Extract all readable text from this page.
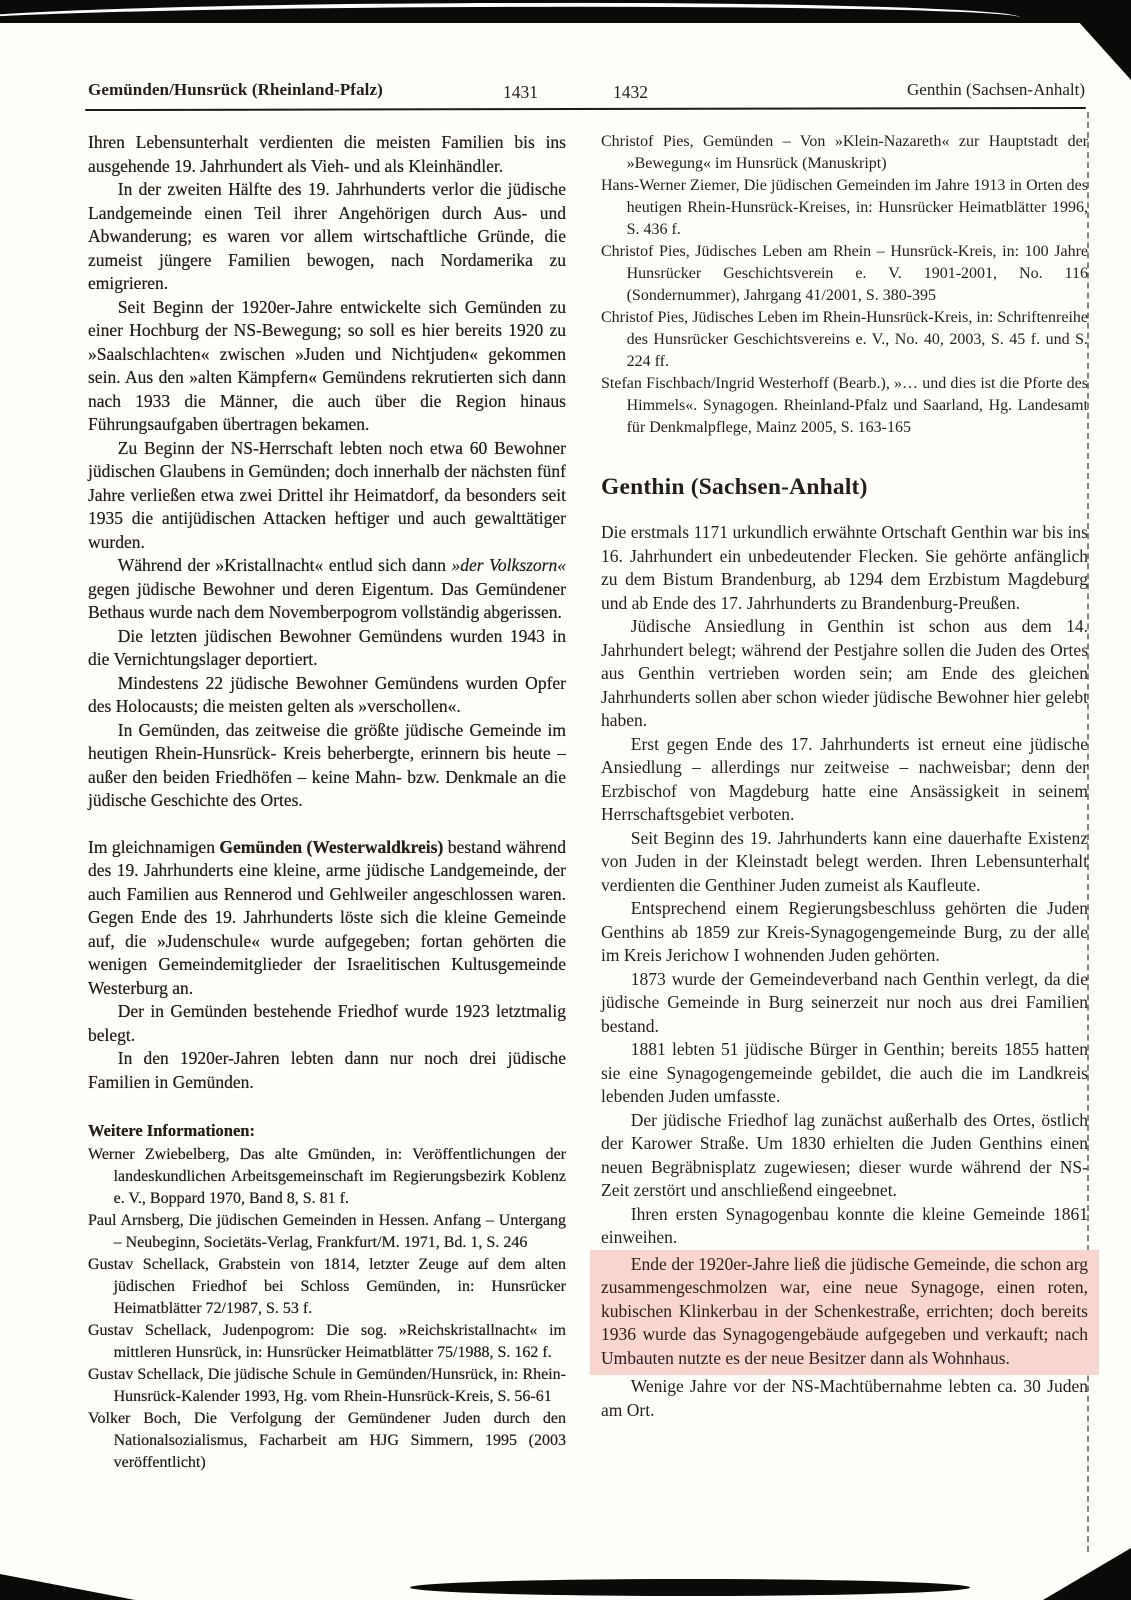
Gemünden/Hunsrück (Rheinland-Pfalz)	1431	1432	Genthin (Sachsen-Anhalt)

Ihren Lebensunterhalt verdienten die meisten Familien bis ins ausgehende 19. Jahrhundert als Vieh- und als Kleinhändler.

In der zweiten Hälfte des 19. Jahrhunderts verlor die jüdische Landgemeinde einen Teil ihrer Angehörigen durch Aus- und Abwanderung; es waren vor allem wirtschaftliche Gründe, die zumeist jüngere Familien bewogen, nach Nordamerika zu emigrieren.

Seit Beginn der 1920er-Jahre entwickelte sich Gemünden zu einer Hochburg der NS-Bewegung; so soll es hier bereits 1920 zu »Saalschlachten« zwischen »Juden und Nichtjuden« gekommen sein. Aus den »alten Kämpfern« Gemündens rekrutierten sich dann nach 1933 die Männer, die auch über die Region hinaus Führungsaufgaben übertragen bekamen.

Zu Beginn der NS-Herrschaft lebten noch etwa 60 Bewohner jüdischen Glaubens in Gemünden; doch innerhalb der nächsten fünf Jahre verließen etwa zwei Drittel ihr Heimatdorf, da besonders seit 1935 die antijüdischen Attacken heftiger und auch gewalttätiger wurden.

Während der »Kristallnacht« entlud sich dann »der Volkszorn« gegen jüdische Bewohner und deren Eigentum. Das Gemündener Bethaus wurde nach dem Novemberpogrom vollständig abgerissen.

Die letzten jüdischen Bewohner Gemündens wurden 1943 in die Vernichtungslager deportiert.

Mindestens 22 jüdische Bewohner Gemündens wurden Opfer des Holocausts; die meisten gelten als »verschollen«.

In Gemünden, das zeitweise die größte jüdische Gemeinde im heutigen Rhein-Hunsrück- Kreis beherbergte, erinnern bis heute – außer den beiden Friedhöfen – keine Mahn- bzw. Denkmale an die jüdische Geschichte des Ortes.

Im gleichnamigen Gemünden (Westerwaldkreis) bestand während des 19. Jahrhunderts eine kleine, arme jüdische Landgemeinde, der auch Familien aus Rennerod und Gehlweiler angeschlossen waren. Gegen Ende des 19. Jahrhunderts löste sich die kleine Gemeinde auf, die »Judenschule« wurde aufgegeben; fortan gehörten die wenigen Gemeindemitglieder der Israelitischen Kultusgemeinde Westerburg an.

Der in Gemünden bestehende Friedhof wurde 1923 letztmalig belegt.

In den 1920er-Jahren lebten dann nur noch drei jüdische Familien in Gemünden.

Weitere Informationen:

Werner Zwiebelberg, Das alte Gmünden, in: Veröffentlichungen der landeskundlichen Arbeitsgemeinschaft im Regierungsbezirk Koblenz e. V., Boppard 1970, Band 8, S. 81 f.

Paul Arnsberg, Die jüdischen Gemeinden in Hessen. Anfang – Untergang – Neubeginn, Societäts-Verlag, Frankfurt/M. 1971, Bd. 1, S. 246

Gustav Schellack, Grabstein von 1814, letzter Zeuge auf dem alten jüdischen Friedhof bei Schloss Gemünden, in: Hunsrücker Heimatblätter 72/1987, S. 53 f.

Gustav Schellack, Judenpogrom: Die sog. »Reichskristallnacht« im mittleren Hunsrück, in: Hunsrücker Heimatblätter 75/1988, S. 162 f.

Gustav Schellack, Die jüdische Schule in Gemünden/Hunsrück, in: Rhein-Hunsrück-Kalender 1993, Hg. vom Rhein-Hunsrück-Kreis, S. 56-61

Volker Boch, Die Verfolgung der Gemündener Juden durch den Nationalsozialismus, Facharbeit am HJG Simmern, 1995 (2003 veröffentlicht)

Christof Pies, Gemünden – Von »Klein-Nazareth« zur Hauptstadt der »Bewegung« im Hunsrück (Manuskript)

Hans-Werner Ziemer, Die jüdischen Gemeinden im Jahre 1913 in Orten des heutigen Rhein-Hunsrück-Kreises, in: Hunsrücker Heimatblätter 1996, S. 436 f.

Christof Pies, Jüdisches Leben am Rhein – Hunsrück-Kreis, in: 100 Jahre Hunsrücker Geschichtsverein e. V. 1901-2001, No. 116 (Sondernummer), Jahrgang 41/2001, S. 380-395

Christof Pies, Jüdisches Leben im Rhein-Hunsrück-Kreis, in: Schriftenreihe des Hunsrücker Geschichtsvereins e. V., No. 40, 2003, S. 45 f. und S. 224 ff.

Stefan Fischbach/Ingrid Westerhoff (Bearb.), »… und dies ist die Pforte des Himmels«. Synagogen. Rheinland-Pfalz und Saarland, Hg. Landesamt für Denkmalpflege, Mainz 2005, S. 163-165

Genthin (Sachsen-Anhalt)

Die erstmals 1171 urkundlich erwähnte Ortschaft Genthin war bis ins 16. Jahrhundert ein unbedeutender Flecken. Sie gehörte anfänglich zu dem Bistum Brandenburg, ab 1294 dem Erzbistum Magdeburg und ab Ende des 17. Jahrhunderts zu Brandenburg-Preußen.

Jüdische Ansiedlung in Genthin ist schon aus dem 14. Jahrhundert belegt; während der Pestjahre sollen die Juden des Ortes aus Genthin vertrieben worden sein; am Ende des gleichen Jahrhunderts sollen aber schon wieder jüdische Bewohner hier gelebt haben.

Erst gegen Ende des 17. Jahrhunderts ist erneut eine jüdische Ansiedlung – allerdings nur zeitweise – nachweisbar; denn der Erzbischof von Magdeburg hatte eine Ansässigkeit in seinem Herrschaftsgebiet verboten.

Seit Beginn des 19. Jahrhunderts kann eine dauerhafte Existenz von Juden in der Kleinstadt belegt werden. Ihren Lebensunterhalt verdienten die Genthiner Juden zumeist als Kaufleute.

Entsprechend einem Regierungsbeschluss gehörten die Juden Genthins ab 1859 zur Kreis-Synagogengemeinde Burg, zu der alle im Kreis Jerichow I wohnenden Juden gehörten.

1873 wurde der Gemeindeverband nach Genthin verlegt, da die jüdische Gemeinde in Burg seinerzeit nur noch aus drei Familien bestand.

1881 lebten 51 jüdische Bürger in Genthin; bereits 1855 hatten sie eine Synagogengemeinde gebildet, die auch die im Landkreis lebenden Juden umfasste.

Der jüdische Friedhof lag zunächst außerhalb des Ortes, östlich der Karower Straße. Um 1830 erhielten die Juden Genthins einen neuen Begräbnisplatz zugewiesen; dieser wurde während der NS-Zeit zerstört und anschließend eingeebnet.

Ihren ersten Synagogenbau konnte die kleine Gemeinde 1861 einweihen.

Ende der 1920er-Jahre ließ die jüdische Gemeinde, die schon arg zusammengeschmolzen war, eine neue Synagoge, einen roten, kubischen Klinkerbau in der Schenkestraße, errichten; doch bereits 1936 wurde das Synagogengebäude aufgegeben und verkauft; nach Umbauten nutzte es der neue Besitzer dann als Wohnhaus.

Wenige Jahre vor der NS-Machtübernahme lebten ca. 30 Juden am Ort.
